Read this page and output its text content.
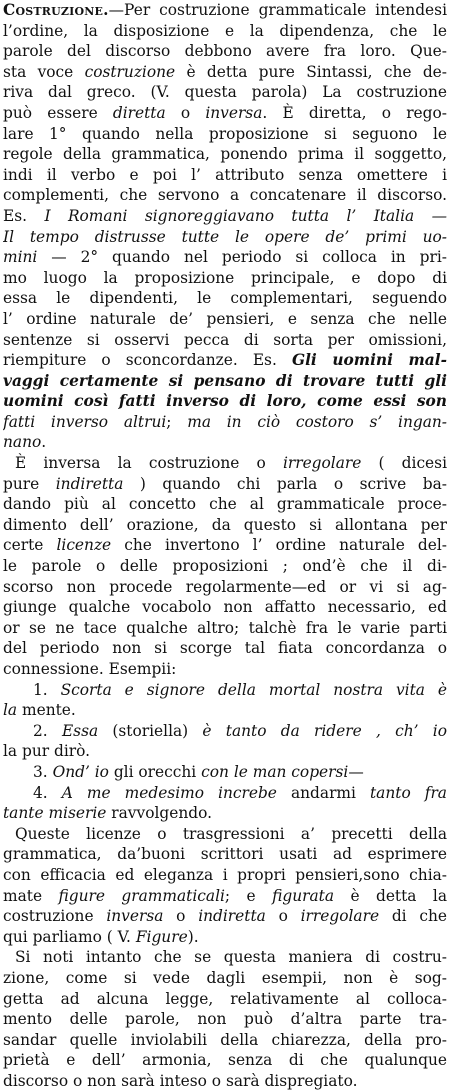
Costruzione.—Per costruzione grammaticale intendesi
l’ordine, la disposizione e la dipendenza, che le
parole del discorso debbono avere fra loro. Que-
sta voce costruzione è detta pure Sintassi, che de-
riva dal greco. (V. questa parola) La costruzione
può essere diretta o inversa. È diretta, o rego-
lare 1° quando nella proposizione si seguono le
regole della grammatica, ponendo prima il soggetto,
indi il verbo e poi l’ attributo senza omettere i
complementi, che servono a concatenare il discorso.
Es. I Romani signoreggiavano tutta l’ Italia —
Il tempo distrusse tutte le opere de’ primi uo-
mini — 2° quando nel periodo si colloca in pri-
mo luogo la proposizione principale, e dopo di
essa le dipendenti, le complementari, seguendo
l’ ordine naturale de’ pensieri, e senza che nelle
sentenze si osservi pecca di sorta per omissioni,
riempiture o sconcordanze. Es. Gli uomini mal-
vaggi certamente si pensano di trovare tutti gli
uomini così fatti inverso di loro, come essi son
fatti inverso altrui; ma in ciò costoro s’ ingan-
nano.
È inversa la costruzione o irregolare ( dicesi
pure indiretta ) quando chi parla o scrive ba-
dando più al concetto che al grammaticale proce-
dimento dell’ orazione, da questo si allontana per
certe licenze che invertono l’ ordine naturale del-
le parole o delle proposizioni ; ond’è che il di-
scorso non procede regolarmente—ed or vi si ag-
giunge qualche vocabolo non affatto necessario, ed
or se ne tace qualche altro; talchè fra le varie parti
del periodo non si scorge tal fiata concordanza o
connessione. Esempii:
1. Scorta e signore della mortal nostra vita è
la mente.
2. Essa (storiella) è tanto da ridere , ch’ io
la pur dirò.
3. Ond’ io gli orecchi con le man copersi—
4. A me medesimo increbe andarmi tanto fra
tante miserie ravvolgendo.
Queste licenze o trasgressioni a’ precetti della
grammatica, da’buoni scrittori usati ad esprimere
con efficacia ed eleganza i propri pensieri,sono chia-
mate figure grammaticali; e figurata è detta la
costruzione inversa o indiretta o irregolare di che
qui parliamo ( V. Figure).
Si noti intanto che se questa maniera di costru-
zione, come si vede dagli esempii, non è sog-
getta ad alcuna legge, relativamente al colloca-
mento delle parole, non può d’altra parte tra-
sandar quelle inviolabili della chiarezza, della pro-
prietà e dell’ armonia, senza di che qualunque
discorso o non sarà inteso o sarà dispregiato.
